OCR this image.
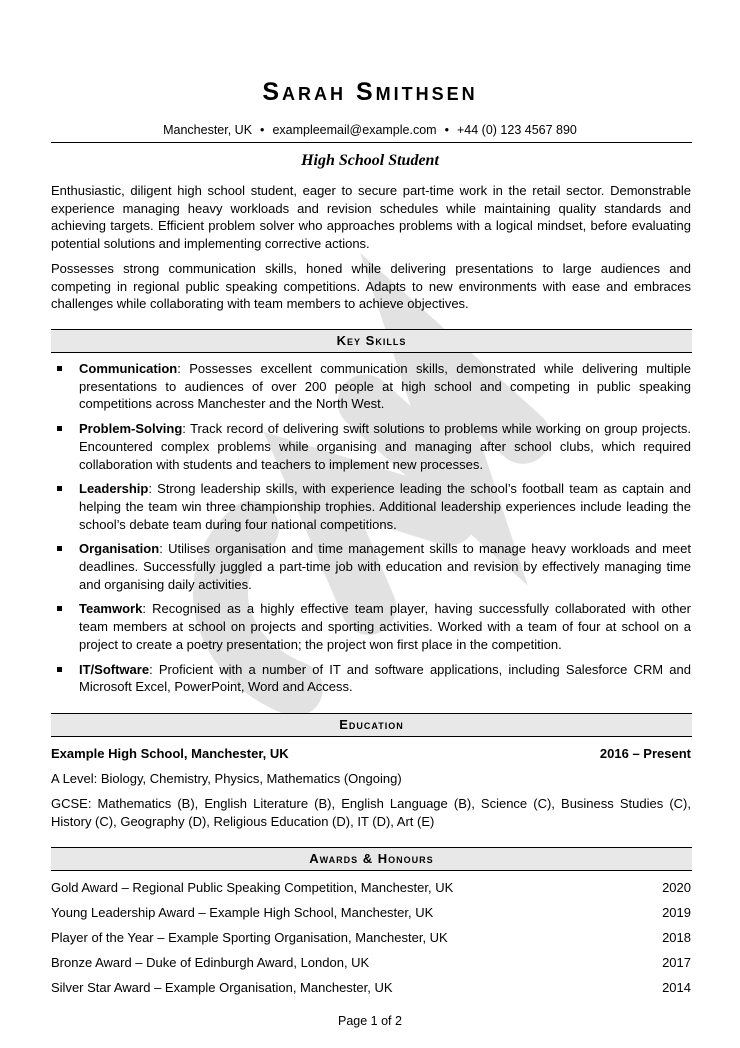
Sarah Smithsen
Manchester, UK • exampleemail@example.com • +44 (0) 123 4567 890
High School Student

Enthusiastic, diligent high school student, eager to secure part-time work in the retail sector. Demonstrable experience managing heavy workloads and revision schedules while maintaining quality standards and achieving targets. Efficient problem solver who approaches problems with a logical mindset, before evaluating potential solutions and implementing corrective actions.

Possesses strong communication skills, honed while delivering presentations to large audiences and competing in regional public speaking competitions. Adapts to new environments with ease and embraces challenges while collaborating with team members to achieve objectives.

Key Skills
Communication: Possesses excellent communication skills, demonstrated while delivering multiple presentations to audiences of over 200 people at high school and competing in public speaking competitions across Manchester and the North West.
Problem-Solving: Track record of delivering swift solutions to problems while working on group projects. Encountered complex problems while organising and managing after school clubs, which required collaboration with students and teachers to implement new processes.
Leadership: Strong leadership skills, with experience leading the school’s football team as captain and helping the team win three championship trophies. Additional leadership experiences include leading the school’s debate team during four national competitions.
Organisation: Utilises organisation and time management skills to manage heavy workloads and meet deadlines. Successfully juggled a part-time job with education and revision by effectively managing time and organising daily activities.
Teamwork: Recognised as a highly effective team player, having successfully collaborated with other team members at school on projects and sporting activities. Worked with a team of four at school on a project to create a poetry presentation; the project won first place in the competition.
IT/Software: Proficient with a number of IT and software applications, including Salesforce CRM and Microsoft Excel, PowerPoint, Word and Access.
Education
Example High School, Manchester, UK	2016 – Present
A Level: Biology, Chemistry, Physics, Mathematics (Ongoing)
GCSE: Mathematics (B), English Literature (B), English Language (B), Science (C), Business Studies (C), History (C), Geography (D), Religious Education (D), IT (D), Art (E)
Awards & Honours
Gold Award – Regional Public Speaking Competition, Manchester, UK	2020
Young Leadership Award – Example High School, Manchester, UK	2019
Player of the Year – Example Sporting Organisation, Manchester, UK	2018
Bronze Award – Duke of Edinburgh Award, London, UK	2017
Silver Star Award – Example Organisation, Manchester, UK	2014
Page 1 of 2
